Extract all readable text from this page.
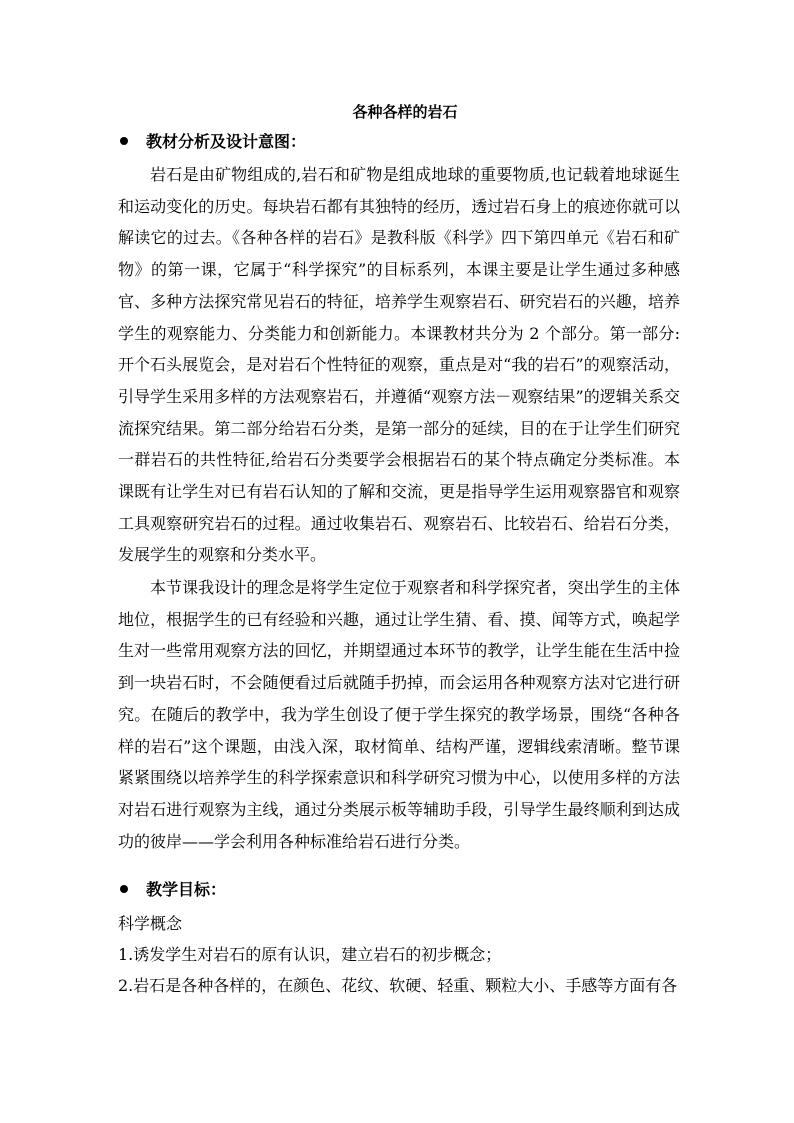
各种各样的岩石
教材分析及设计意图：

岩石是由矿物组成的,岩石和矿物是组成地球的重要物质,也记载着地球诞生和运动变化的历史。每块岩石都有其独特的经历，透过岩石身上的痕迹你就可以解读它的过去。《各种各样的岩石》是教科版《科学》四下第四单元《岩石和矿物》的第一课，它属于“科学探究”的目标系列，本课主要是让学生通过多种感官、多种方法探究常见岩石的特征，培养学生观察岩石、研究岩石的兴趣，培养学生的观察能力、分类能力和创新能力。本课教材共分为 2 个部分。第一部分:开个石头展览会，是对岩石个性特征的观察，重点是对“我的岩石”的观察活动，引导学生采用多样的方法观察岩石，并遵循“观察方法－观察结果”的逻辑关系交流探究结果。第二部分给岩石分类，是第一部分的延续，目的在于让学生们研究一群岩石的共性特征,给岩石分类要学会根据岩石的某个特点确定分类标准。本课既有让学生对已有岩石认知的了解和交流，更是指导学生运用观察器官和观察工具观察研究岩石的过程。通过收集岩石、观察岩石、比较岩石、给岩石分类，发展学生的观察和分类水平。

本节课我设计的理念是将学生定位于观察者和科学探究者，突出学生的主体地位，根据学生的已有经验和兴趣，通过让学生猜、看、摸、闻等方式，唤起学生对一些常用观察方法的回忆，并期望通过本环节的教学，让学生能在生活中捡到一块岩石时，不会随便看过后就随手扔掉，而会运用各种观察方法对它进行研究。在随后的教学中，我为学生创设了便于学生探究的教学场景，围绕“各种各样的岩石”这个课题，由浅入深，取材简单、结构严谨，逻辑线索清晰。整节课紧紧围绕以培养学生的科学探索意识和科学研究习惯为中心，以使用多样的方法对岩石进行观察为主线，通过分类展示板等辅助手段，引导学生最终顺利到达成功的彼岸——学会利用各种标准给岩石进行分类。

教学目标：
科学概念
1.诱发学生对岩石的原有认识，建立岩石的初步概念；
2.岩石是各种各样的，在颜色、花纹、软硬、轻重、颗粒大小、手感等方面有各
